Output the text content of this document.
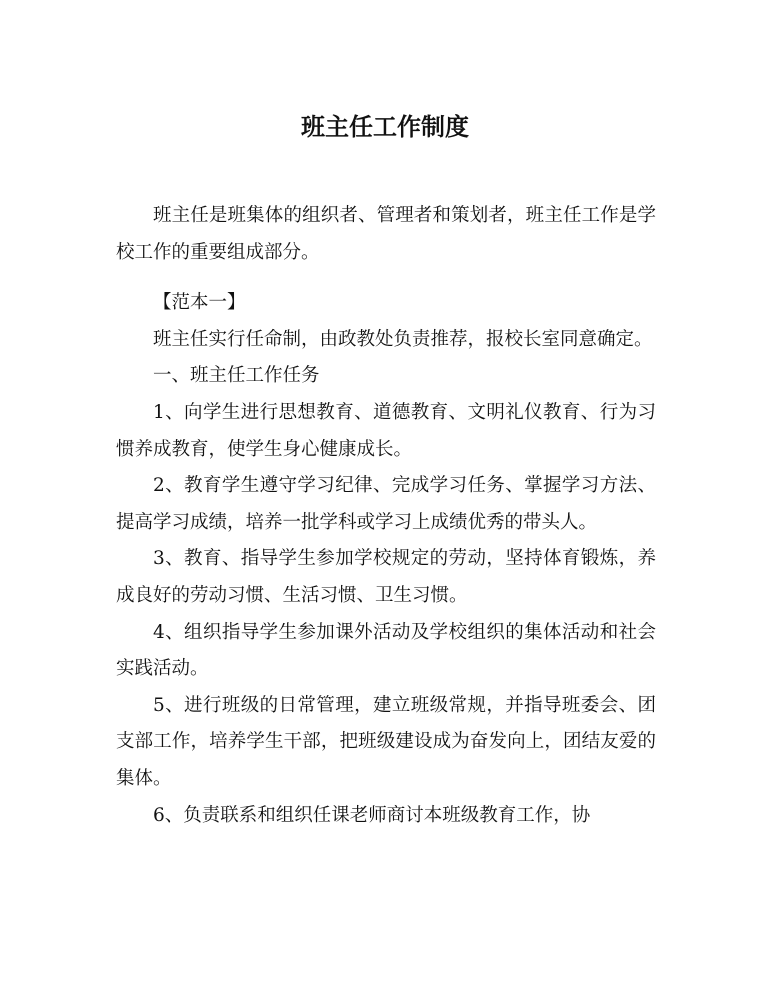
班主任工作制度

班主任是班集体的组织者、管理者和策划者，班主任工作是学校工作的重要组成部分。

【范本一】

班主任实行任命制，由政教处负责推荐，报校长室同意确定。

一、班主任工作任务

1、向学生进行思想教育、道德教育、文明礼仪教育、行为习惯养成教育，使学生身心健康成长。

2、教育学生遵守学习纪律、完成学习任务、掌握学习方法、提高学习成绩，培养一批学科或学习上成绩优秀的带头人。

3、教育、指导学生参加学校规定的劳动，坚持体育锻炼，养成良好的劳动习惯、生活习惯、卫生习惯。

4、组织指导学生参加课外活动及学校组织的集体活动和社会实践活动。

5、进行班级的日常管理，建立班级常规，并指导班委会、团支部工作，培养学生干部，把班级建设成为奋发向上，团结友爱的集体。

6、负责联系和组织任课老师商讨本班级教育工作，协
